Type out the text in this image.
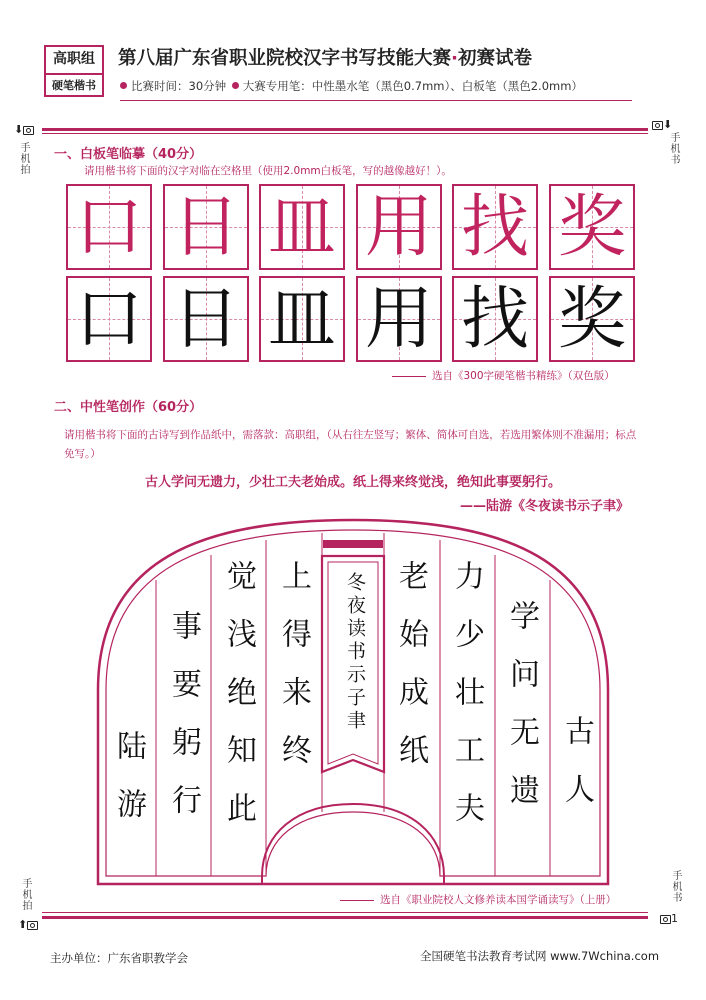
高职组
硬笔楷书
第八届广东省职业院校汉字书写技能大赛·初赛试卷
比赛时间：30分钟 大赛专用笔：中性墨水笔（黑色0.7mm）、白板笔（黑色2.0mm）
⬇
手机拍
⬇
手机书
手机拍
⬆
手机书
1
一、白板笔临摹（40分）
请用楷书将下面的汉字对临在空格里（使用2.0mm白板笔，写的越像越好！）。
口 日 皿 用 找 奖
口 日 皿 用 找 奖
选自《300字硬笔楷书精练》（双色版）
二、中性笔创作（60分）
请用楷书将下面的古诗写到作品纸中，需落款：高职组，（从右往左竖写；繁体、简体可自选，若选用繁体则不准漏用；标点免写。）
古人学问无遗力，少壮工夫老始成。纸上得来终觉浅，绝知此事要躬行。
——陆游《冬夜读书示子聿》
冬夜读书示子聿
古人
学问无遗
力少壮工夫
老始成纸
上得来终
觉浅绝知此
事要躬行
陆游
选自《职业院校人文修养读本国学诵读写》（上册）
主办单位：广东省职教学会	全国硬笔书法教育考试网 www.7Wchina.com
